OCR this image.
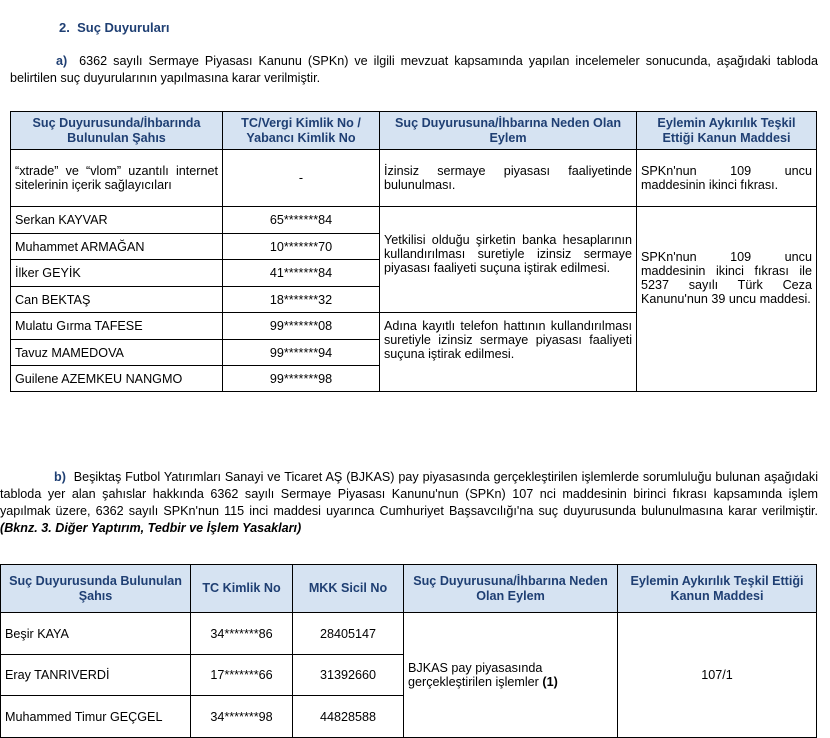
2. Suç Duyuruları
a) 6362 sayılı Sermaye Piyasası Kanunu (SPKn) ve ilgili mevzuat kapsamında yapılan incelemeler sonucunda, aşağıdaki tabloda belirtilen suç duyurularının yapılmasına karar verilmiştir.
Suç Duyurusunda/İhbarında Bulunulan Şahıs	TC/Vergi Kimlik No / Yabancı Kimlik No	Suç Duyurusuna/İhbarına Neden Olan Eylem	Eylemin Aykırılık Teşkil Ettiği Kanun Maddesi
“xtrade” ve “vlom” uzantılı internet sitelerinin içerik sağlayıcıları	-	İzinsiz sermaye piyasası faaliyetinde bulunulması.	SPKn'nun 109 uncu maddesinin ikinci fıkrası.
Serkan KAYVAR	65*******84	Yetkilisi olduğu şirketin banka hesaplarının kullandırılması suretiyle izinsiz sermaye piyasası faaliyeti suçuna iştirak edilmesi.	SPKn'nun 109 uncu maddesinin ikinci fıkrası ile 5237 sayılı Türk Ceza Kanunu'nun 39 uncu maddesi.
Muhammet ARMAĞAN	10*******70		
İlker GEYİK	41*******84		
Can BEKTAŞ	18*******32		
Mulatu Gırma TAFESE	99*******08	Adına kayıtlı telefon hattının kullandırılması suretiyle izinsiz sermaye piyasası faaliyeti suçuna iştirak edilmesi.	
Tavuz MAMEDOVA	99*******94		
Guilene AZEMKEU NANGMO	99*******98		
b) Beşiktaş Futbol Yatırımları Sanayi ve Ticaret AŞ (BJKAS) pay piyasasında gerçekleştirilen işlemlerde sorumluluğu bulunan aşağıdaki tabloda yer alan şahıslar hakkında 6362 sayılı Sermaye Piyasası Kanunu'nun (SPKn) 107 nci maddesinin birinci fıkrası kapsamında işlem yapılmak üzere, 6362 sayılı SPKn'nun 115 inci maddesi uyarınca Cumhuriyet Başsavcılığı'na suç duyurusunda bulunulmasına karar verilmiştir. (Bknz. 3. Diğer Yaptırım, Tedbir ve İşlem Yasakları)
Suç Duyurusunda Bulunulan Şahıs	TC Kimlik No	MKK Sicil No	Suç Duyurusuna/İhbarına Neden Olan Eylem	Eylemin Aykırılık Teşkil Ettiği Kanun Maddesi
Beşir KAYA	34*******86	28405147	BJKAS pay piyasasında gerçekleştirilen işlemler (1)	107/1
Eray TANRIVERDİ	17*******66	31392660		
Muhammed Timur GEÇGEL	34*******98	44828588		
